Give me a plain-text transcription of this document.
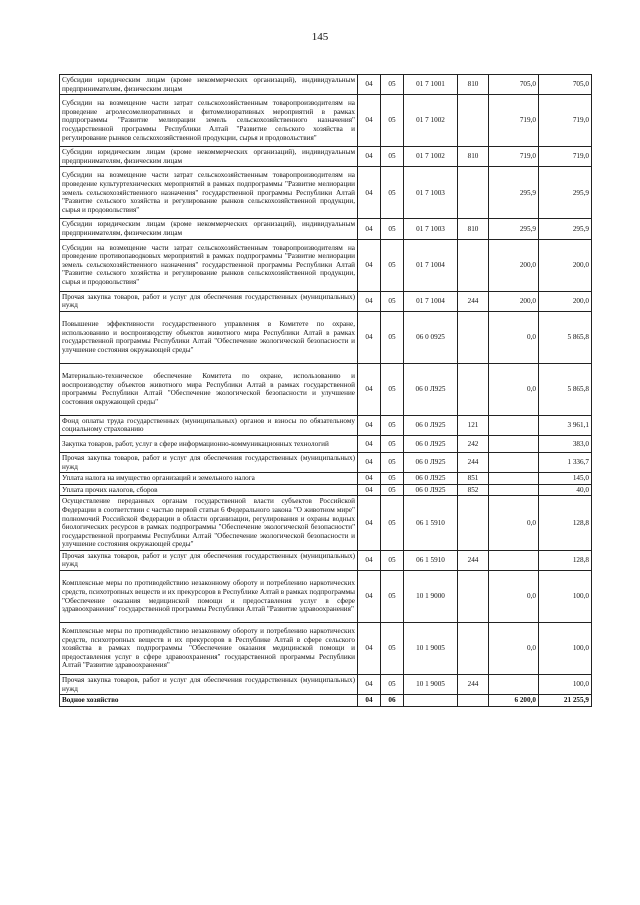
145
Субсидии юридическим лицам (кроме некоммерческих организаций), индивидуальным предпринимателям, физическим лицам	04	05	01 7 1001	810	705,0	705,0
Субсидии на возмещение части затрат сельскохозяйственным товаропроизводителям на проведение агролесомелиоративных и фитомелиоративных мероприятий в рамках подпрограммы "Развитие мелиорации земель сельскохозяйственного назначения" государственной программы Республики Алтай "Развитие сельского хозяйства и регулирование рынков сельскохозяйственной продукции, сырья и продовольствия"	04	05	01 7 1002		719,0	719,0
Субсидии юридическим лицам (кроме некоммерческих организаций), индивидуальным предпринимателям, физическим лицам	04	05	01 7 1002	810	719,0	719,0
Субсидии на возмещение части затрат сельскохозяйственным товаропроизводителям на проведение культуртехнических мероприятий в рамках подпрограммы "Развитие мелиорации земель сельскохозяйственного назначения" государственной программы Республики Алтай "Развитие сельского хозяйства и регулирование рынков сельскохозяйственной продукции, сырья и продовольствия"	04	05	01 7 1003		295,9	295,9
Субсидии юридическим лицам (кроме некоммерческих организаций), индивидуальным предпринимателям, физическим лицам	04	05	01 7 1003	810	295,9	295,9
Субсидии на возмещение части затрат сельскохозяйственным товаропроизводителям на проведение противопаводковых мероприятий в рамках подпрограммы "Развитие мелиорации земель сельскохозяйственного назначения" государственной программы Республики Алтай "Развитие сельского хозяйства и регулирование рынков сельскохозяйственной продукции, сырья и продовольствия"	04	05	01 7 1004		200,0	200,0
Прочая закупка товаров, работ и услуг для обеспечения государственных (муниципальных) нужд	04	05	01 7 1004	244	200,0	200,0
Повышение эффективности государственного управления в Комитете по охране, использованию и воспроизводству объектов животного мира Республики Алтай в рамках государственной программы Республики Алтай "Обеспечение экологической безопасности и улучшение состояния окружающей среды"	04	05	06 0 0925		0,0	5 865,8
Материально-техническое обеспечение Комитета по охране, использованию и воспроизводству объектов животного мира Республики Алтай в рамках государственной программы Республики Алтай "Обеспечение экологической безопасности и улучшение состояния окружающей среды"	04	05	06 0 Л925		0,0	5 865,8
Фонд оплаты труда государственных (муниципальных) органов и взносы по обязательному социальному страхованию	04	05	06 0 Л925	121		3 961,1
Закупка товаров, работ, услуг в сфере информационно-коммуникационных технологий	04	05	06 0 Л925	242		383,0
Прочая закупка товаров, работ и услуг для обеспечения государственных (муниципальных) нужд	04	05	06 0 Л925	244		1 336,7
Уплата налога на имущество организаций и земельного налога	04	05	06 0 Л925	851		145,0
Уплата прочих налогов, сборов	04	05	06 0 Л925	852		40,0
Осуществление переданных органам государственной власти субъектов Российской Федерации в соответствии с частью первой статьи 6 Федерального закона "О животном мире" полномочий Российской Федерации в области организации, регулирования и охраны водных биологических ресурсов в рамках подпрограммы "Обеспечение экологической безопасности" государственной программы Республики Алтай "Обеспечение экологической безопасности и улучшение состояния окружающей среды"	04	05	06 1 5910		0,0	128,8
Прочая закупка товаров, работ и услуг для обеспечения государственных (муниципальных) нужд	04	05	06 1 5910	244		128,8
Комплексные меры по противодействию незаконному обороту и потреблению наркотических средств, психотропных веществ и их прекурсоров в Республике Алтай в рамках подпрограммы "Обеспечение оказания медицинской помощи и предоставления услуг в сфере здравоохранения" государственной программы Республики Алтай "Развитие здравоохранения"	04	05	10 1 9000		0,0	100,0
Комплексные меры по противодействию незаконному обороту и потреблению наркотических средств, психотропных веществ и их прекурсоров в Республике Алтай в сфере сельского хозяйства в рамках подпрограммы "Обеспечение оказания медицинской помощи и предоставления услуг в сфере здравоохранения" государственной программы Республики Алтай "Развитие здравоохранения"	04	05	10 1 9005		0,0	100,0
Прочая закупка товаров, работ и услуг для обеспечения государственных (муниципальных) нужд	04	05	10 1 9005	244		100,0
Водное хозяйство	04	06			6 200,0	21 255,9
